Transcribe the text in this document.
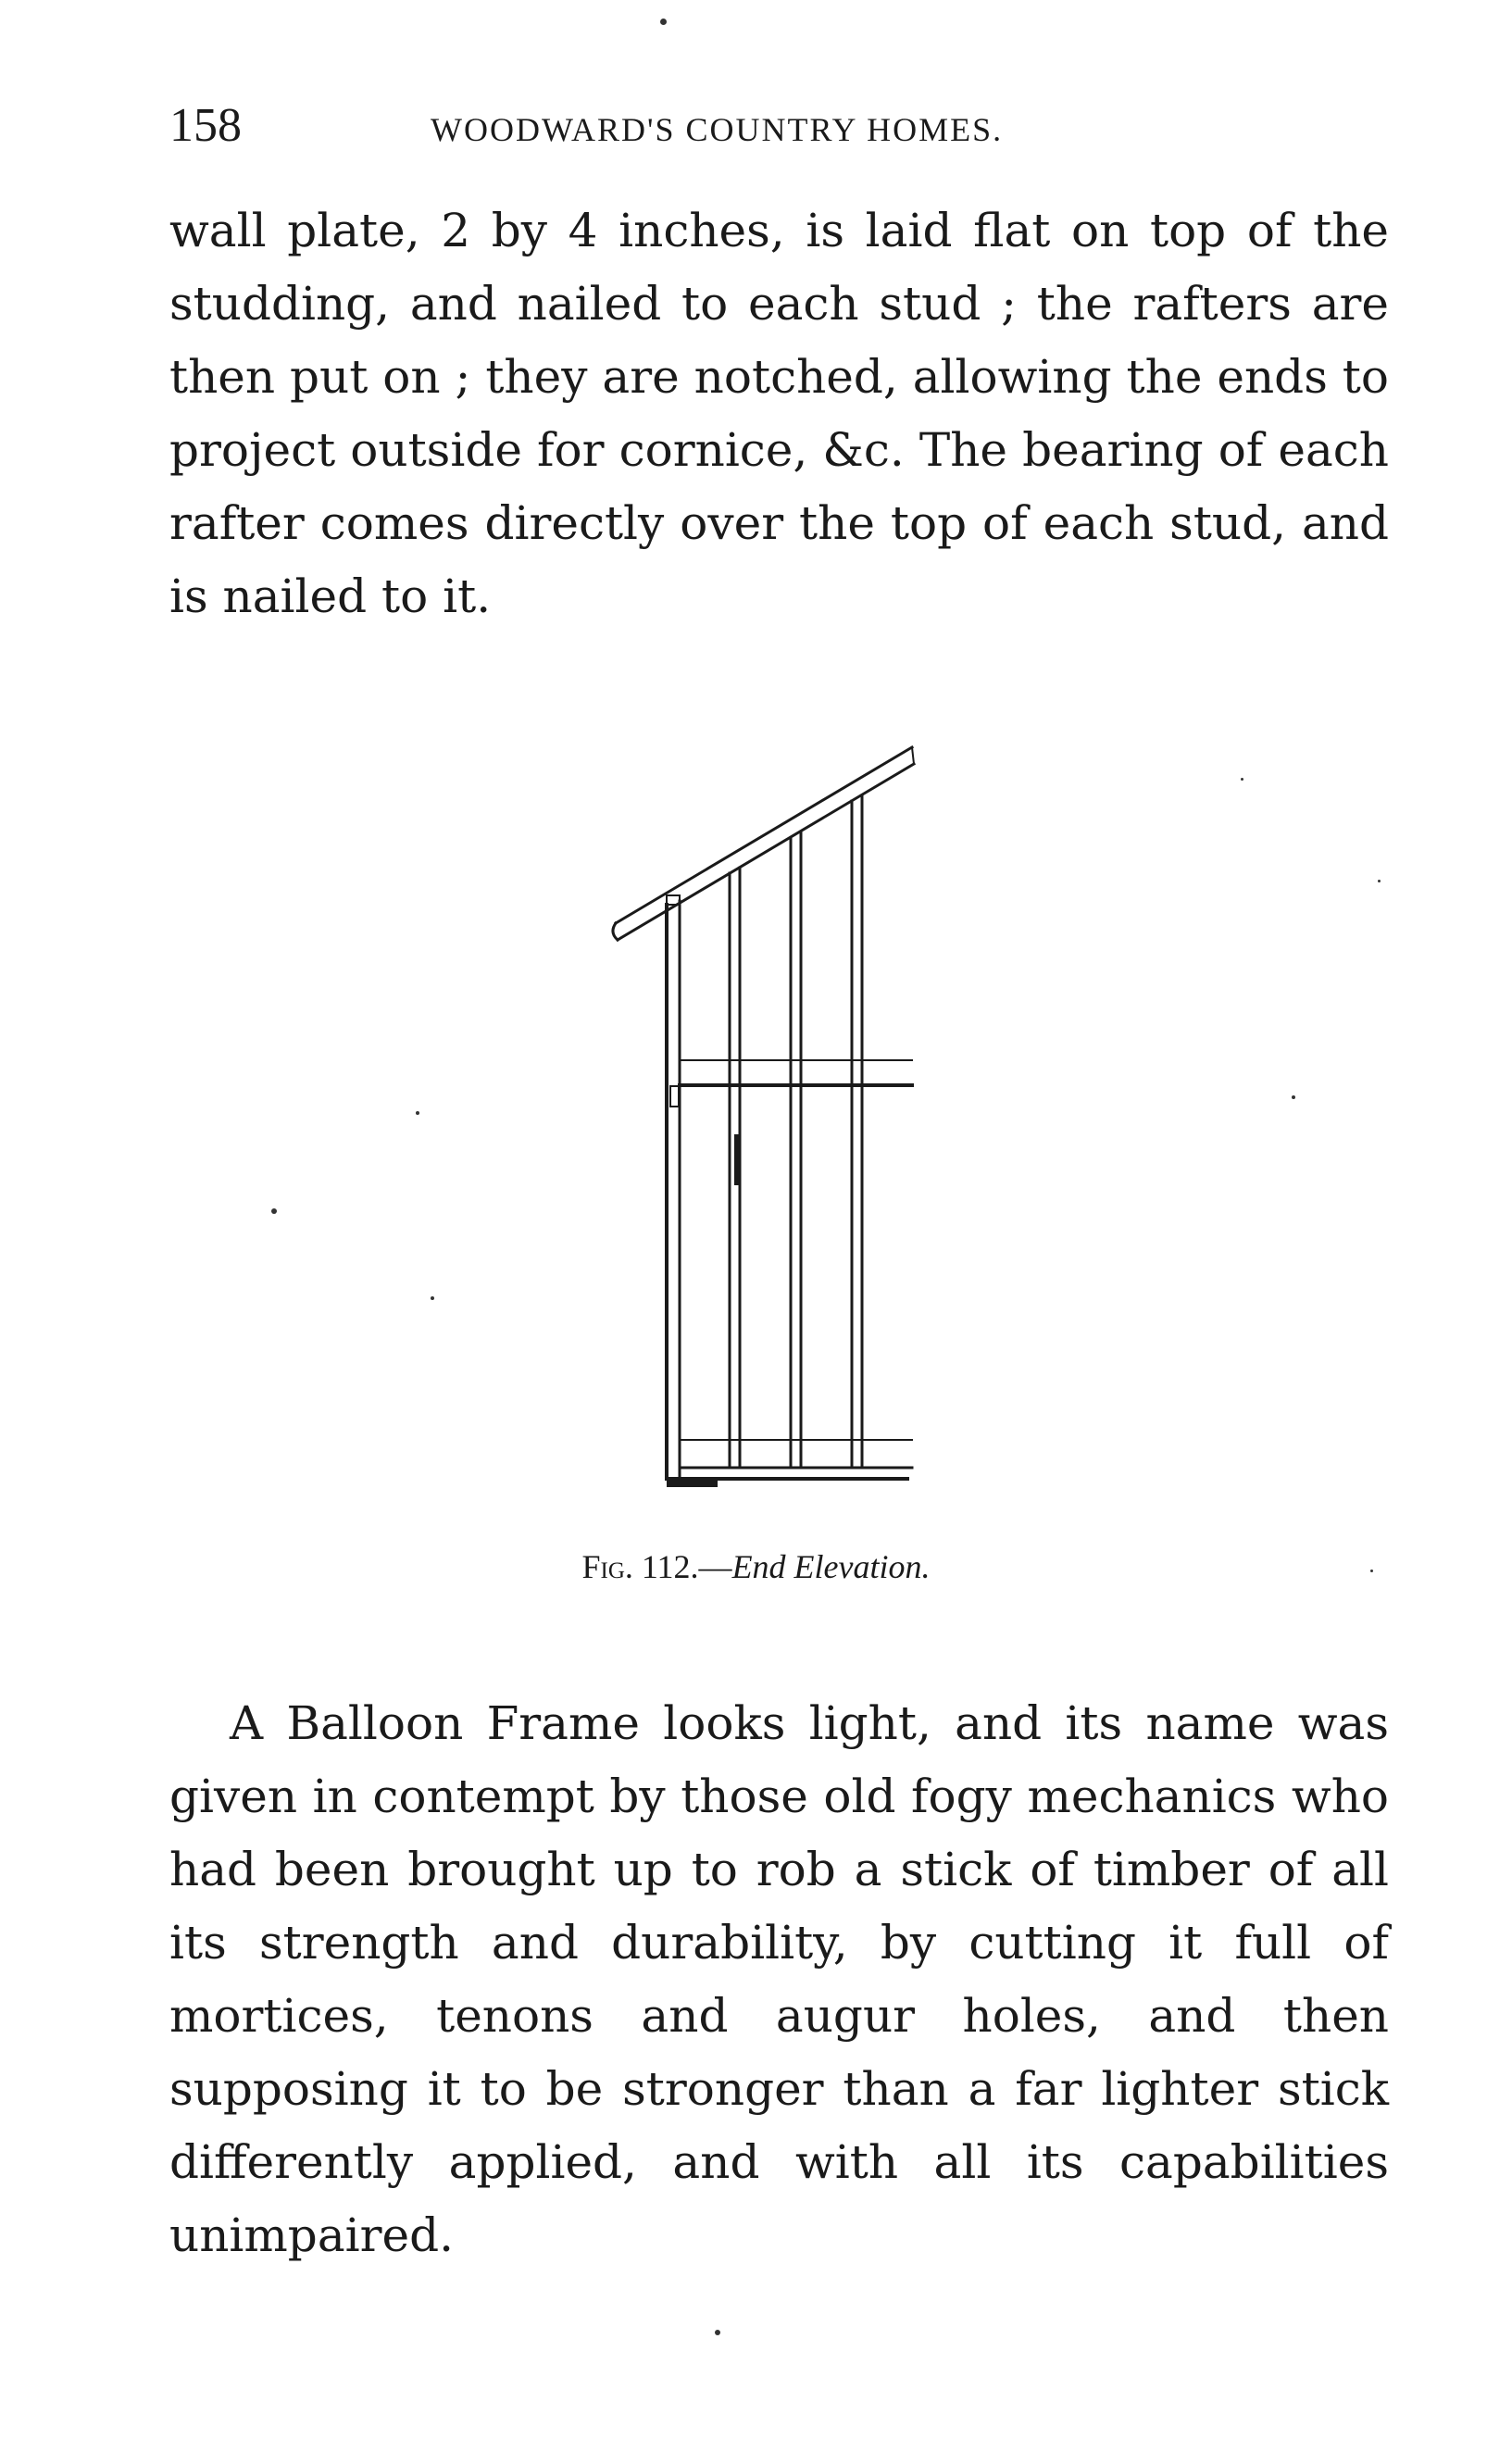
158	WOODWARD'S COUNTRY HOMES.

wall plate, 2 by 4 inches, is laid flat on top of the studding, and nailed to each stud ; the rafters are then put on ; they are notched, allowing the ends to project outside for cornice, &c. The bearing of each rafter comes directly over the top of each stud, and is nailed to it.

Fig. 112.—End Elevation.

A Balloon Frame looks light, and its name was given in contempt by those old fogy mechanics who had been brought up to rob a stick of timber of all its strength and durability, by cutting it full of mortices, tenons and augur holes, and then supposing it to be stronger than a far lighter stick differently applied, and with all its capabilities unimpaired.
